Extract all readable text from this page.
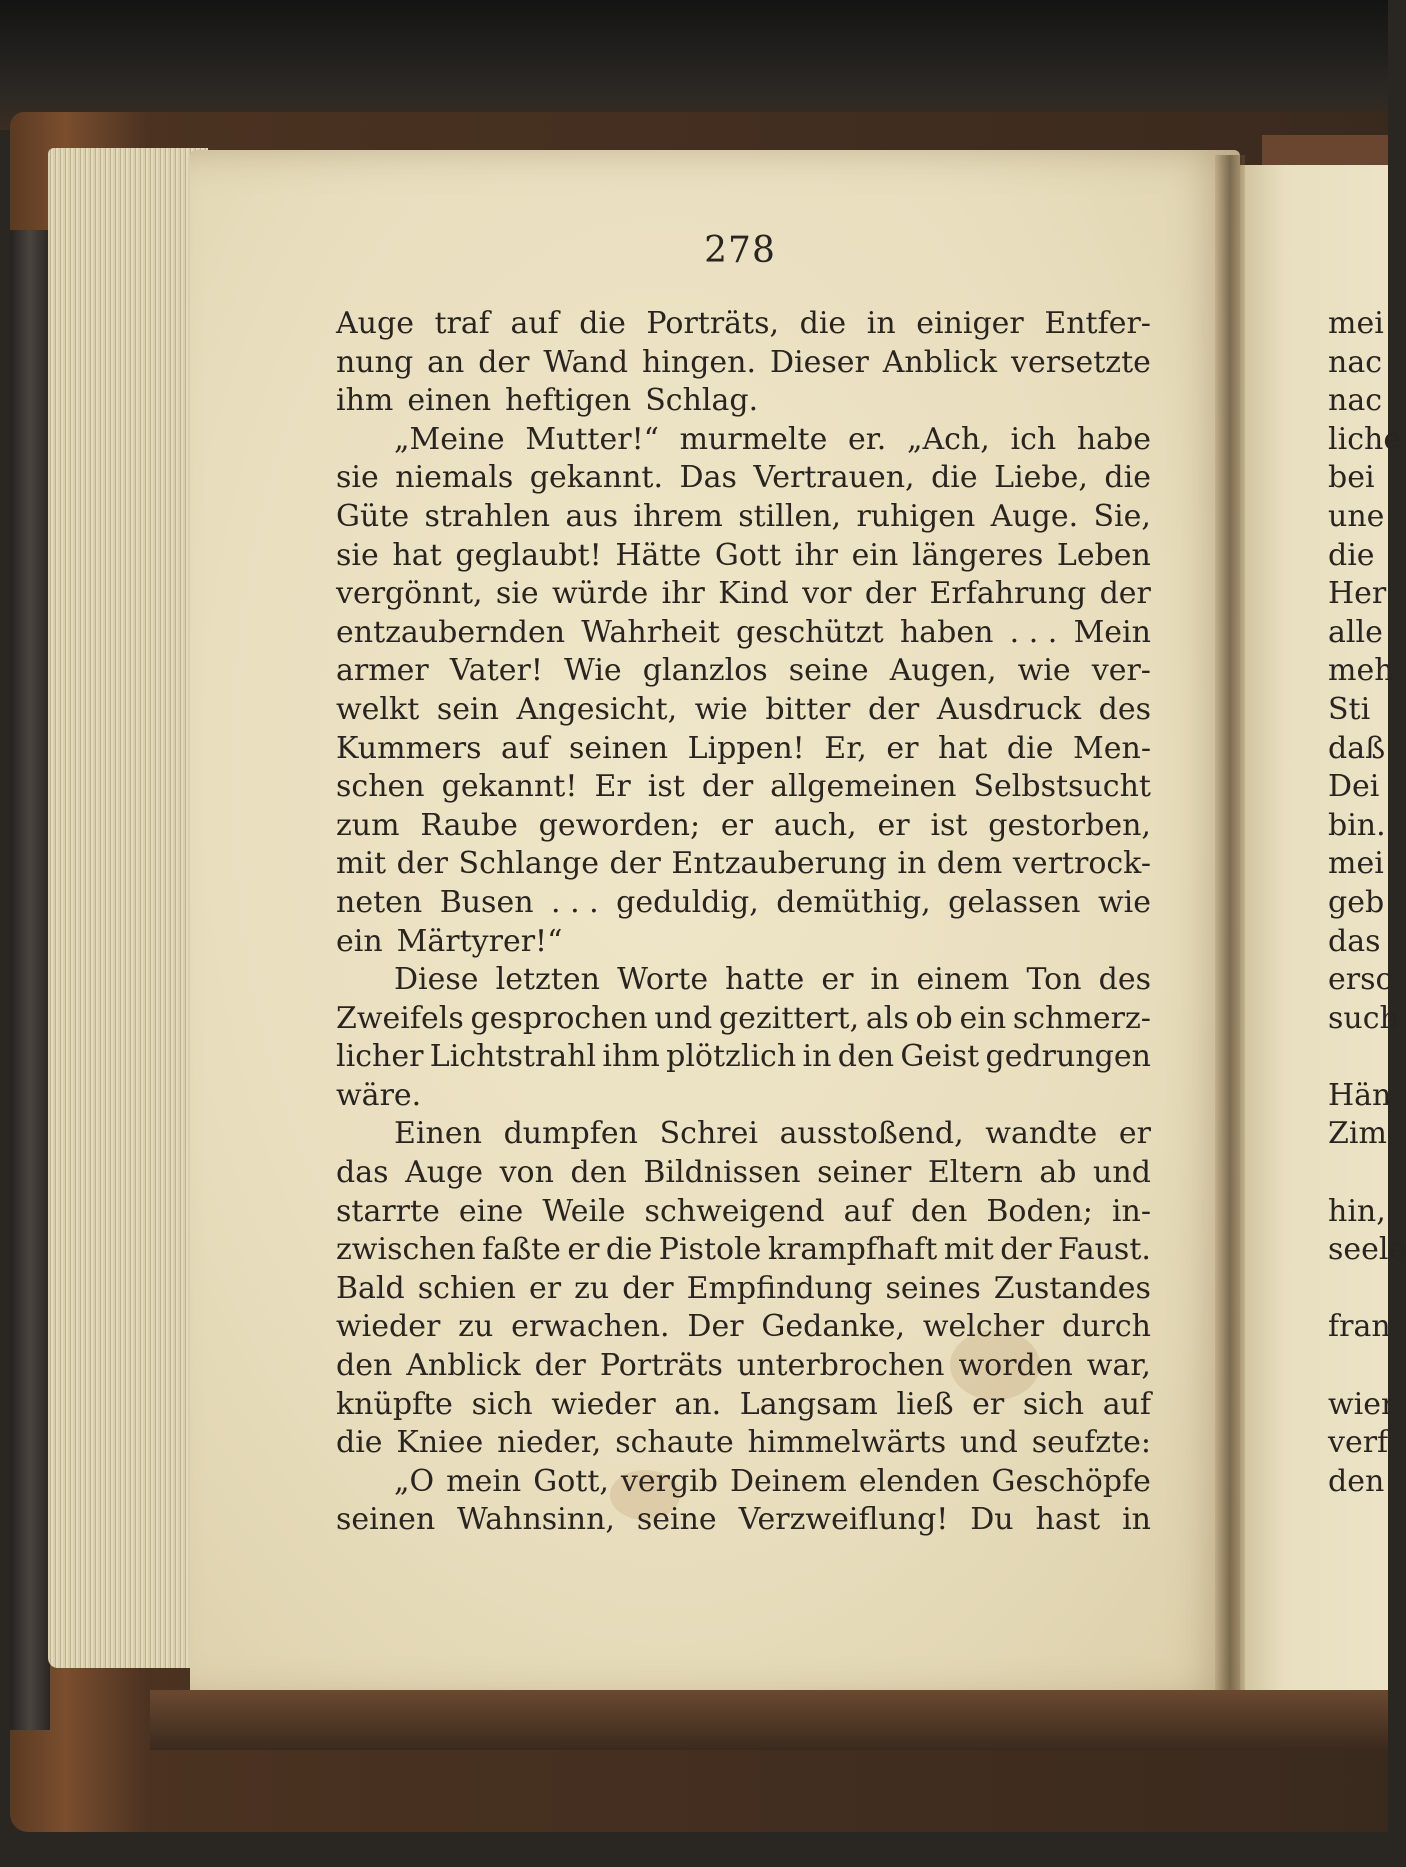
278
Auge traf auf die Porträts, die in einiger Entfer-
nung an der Wand hingen. Dieser Anblick versetzte
ihm einen heftigen Schlag.
„Meine Mutter!“ murmelte er. „Ach, ich habe
sie niemals gekannt. Das Vertrauen, die Liebe, die
Güte strahlen aus ihrem stillen, ruhigen Auge. Sie,
sie hat geglaubt! Hätte Gott ihr ein längeres Leben
vergönnt, sie würde ihr Kind vor der Erfahrung der
entzaubernden Wahrheit geschützt haben . . . Mein
armer Vater! Wie glanzlos seine Augen, wie ver-
welkt sein Angesicht, wie bitter der Ausdruck des
Kummers auf seinen Lippen! Er, er hat die Men-
schen gekannt! Er ist der allgemeinen Selbstsucht
zum Raube geworden; er auch, er ist gestorben,
mit der Schlange der Entzauberung in dem vertrock-
neten Busen . . . geduldig, demüthig, gelassen wie
ein Märtyrer!“
Diese letzten Worte hatte er in einem Ton des
Zweifels gesprochen und gezittert, als ob ein schmerz-
licher Lichtstrahl ihm plötzlich in den Geist gedrungen
wäre.
Einen dumpfen Schrei ausstoßend, wandte er
das Auge von den Bildnissen seiner Eltern ab und
starrte eine Weile schweigend auf den Boden; in-
zwischen faßte er die Pistole krampfhaft mit der Faust.
Bald schien er zu der Empfindung seines Zustandes
wieder zu erwachen. Der Gedanke, welcher durch
den Anblick der Porträts unterbrochen worden war,
knüpfte sich wieder an. Langsam ließ er sich auf
die Kniee nieder, schaute himmelwärts und seufzte:
„O mein Gott, vergib Deinem elenden Geschöpfe
seinen Wahnsinn, seine Verzweiflung! Du hast in
mei
nac
nac
liche
bei
une
die
Her
alle
meh
Sti
daß
Dei
bin.
mei
geb
das
ersc
such
Hän
Zim
hin,
seele
fran
wier
verf
den
